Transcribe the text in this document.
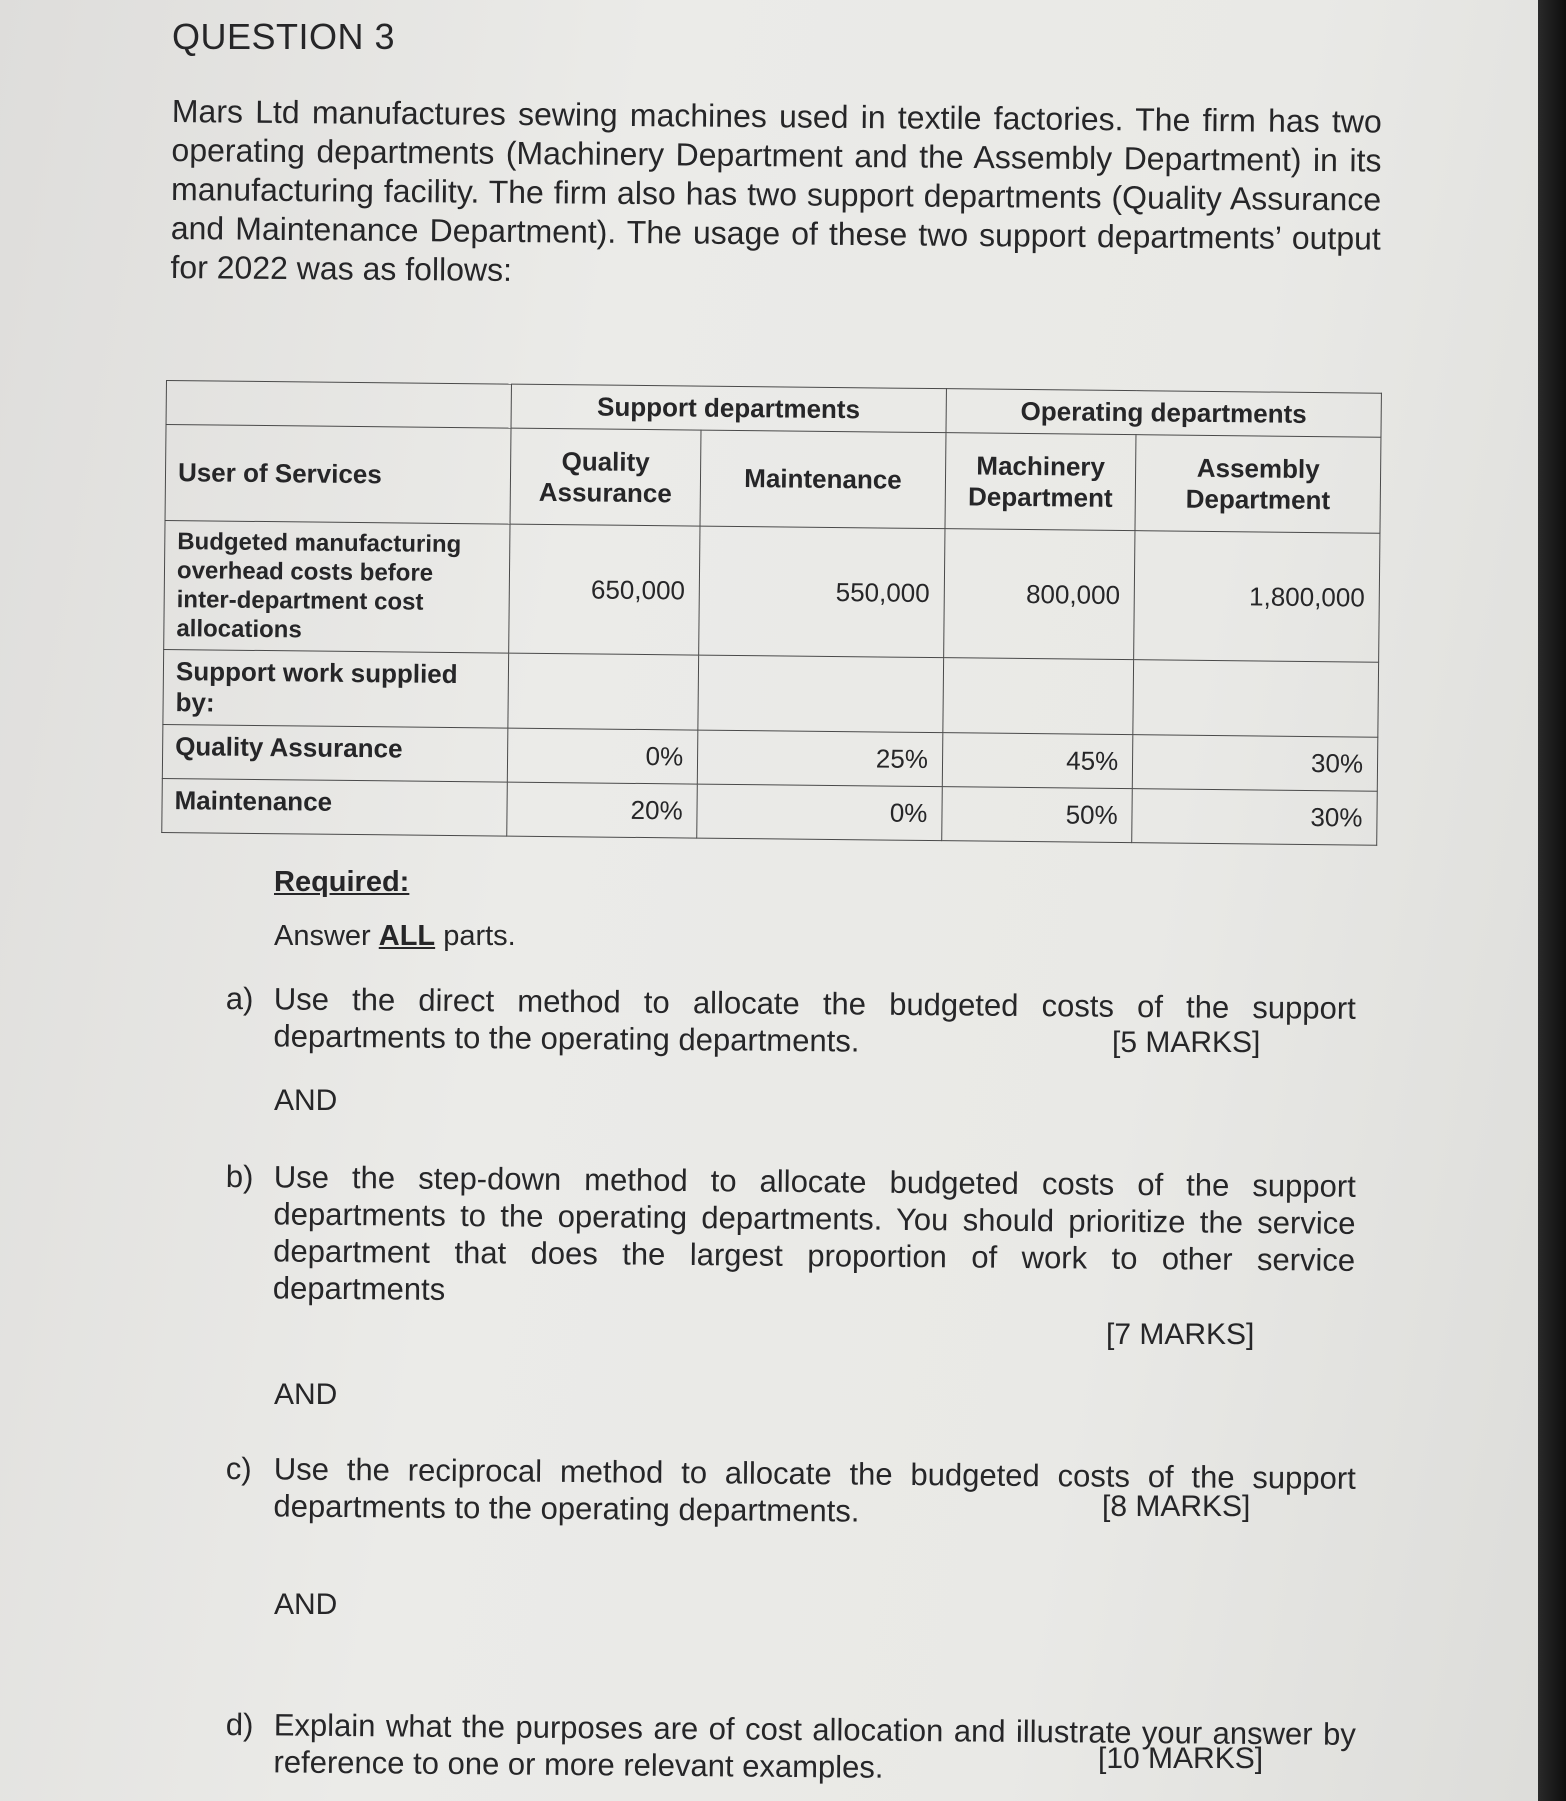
QUESTION 3
Mars Ltd manufactures sewing machines used in textile factories. The firm has two operating departments (Machinery Department and the Assembly Department) in its manufacturing facility. The firm also has two support departments (Quality Assurance and Maintenance Department). The usage of these two support departments’ output for 2022 was as follows:
	Support departments		Operating departments	
User of Services	Quality Assurance	Maintenance	Machinery Department	Assembly Department
Budgeted manufacturing overhead costs before inter-department cost allocations	650,000	550,000	800,000	1,800,000
Support work supplied by:				
Quality Assurance	0%	25%	45%	30%
Maintenance	20%	0%	50%	30%
Required:
Answer ALL parts.
a) Use the direct method to allocate the budgeted costs of the support departments to the operating departments.	[5 MARKS]
AND
b) Use the step-down method to allocate budgeted costs of the support departments to the operating departments. You should prioritize the service department that does the largest proportion of work to other service departments
[7 MARKS]
AND
c) Use the reciprocal method to allocate the budgeted costs of the support departments to the operating departments.	[8 MARKS]
AND
d) Explain what the purposes are of cost allocation and illustrate your answer by reference to one or more relevant examples.	[10 MARKS]
